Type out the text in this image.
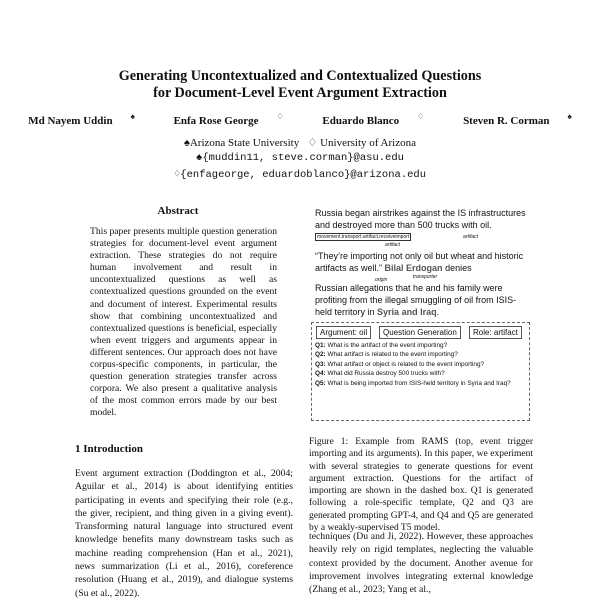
Generating Uncontextualized and Contextualized Questions
for Document-Level Event Argument Extraction
Md Nayem Uddin ♠	Enfa Rose George ♢	Eduardo Blanco ♢	Steven R. Corman ♠
♠Arizona State University   ♢ University of Arizona
♠{muddin11, steve.corman}@asu.edu
♢{enfageorge, eduardoblanco}@arizona.edu
Abstract
This paper presents multiple question generation strategies for document-level event argument extraction. These strategies do not require human involvement and result in uncontextualized questions as well as contextualized questions grounded on the event and document of interest. Experimental results show that combining uncontextualized and contextualized questions is beneficial, especially when event triggers and arguments appear in different sentences. Our approach does not have corpus-specific components, in particular, the question generation strategies transfer across corpora. We also present a qualitative analysis of the most common errors made by our best model.
1 Introduction
Event argument extraction (Doddington et al., 2004; Aguilar et al., 2014) is about identifying entities participating in events and specifying their role (e.g., the giver, recipient, and thing given in a giving event). Transforming natural language into structured event knowledge benefits many downstream tasks such as machine reading comprehension (Han et al., 2021), news summarization (Li et al., 2016), coreference resolution (Huang et al., 2019), and dialogue systems (Su et al., 2022).

Russia began airstrikes against the IS infrastructures and destroyed more than 500 trucks with oil.

movement.transport.artifact.receiveimport
artifact
artifact

“They’re importing not only oil but wheat and historic artifacts as well.” Bilal Erdogan denies

origin	transporter

Russian allegations that he and his family were profiting from the illegal smuggling of oil from ISIS-held territory in Syria and Iraq.

Argument: oil	Question Generation	Role: artifact
Q1: What is the artifact of the event importing?
Q2: What artifact is related to the event importing?
Q3: What artifact or object is related to the event importing?
Q4: What did Russia destroy 500 trucks with?
Q5: What is being imported from ISIS-held territory in Syria and Iraq?
Figure 1: Example from RAMS (top, event trigger importing and its arguments). In this paper, we experiment with several strategies to generate questions for event argument extraction. Questions for the artifact of importing are shown in the dashed box. Q1 is generated following a role-specific template, Q2 and Q3 are generated prompting GPT-4, and Q4 and Q5 are generated by a weakly-supervised T5 model.
techniques (Du and Ji, 2022). However, these approaches heavily rely on rigid templates, neglecting the valuable context provided by the document. Another avenue for improvement involves integrating external knowledge (Zhang et al., 2023; Yang et al.,
